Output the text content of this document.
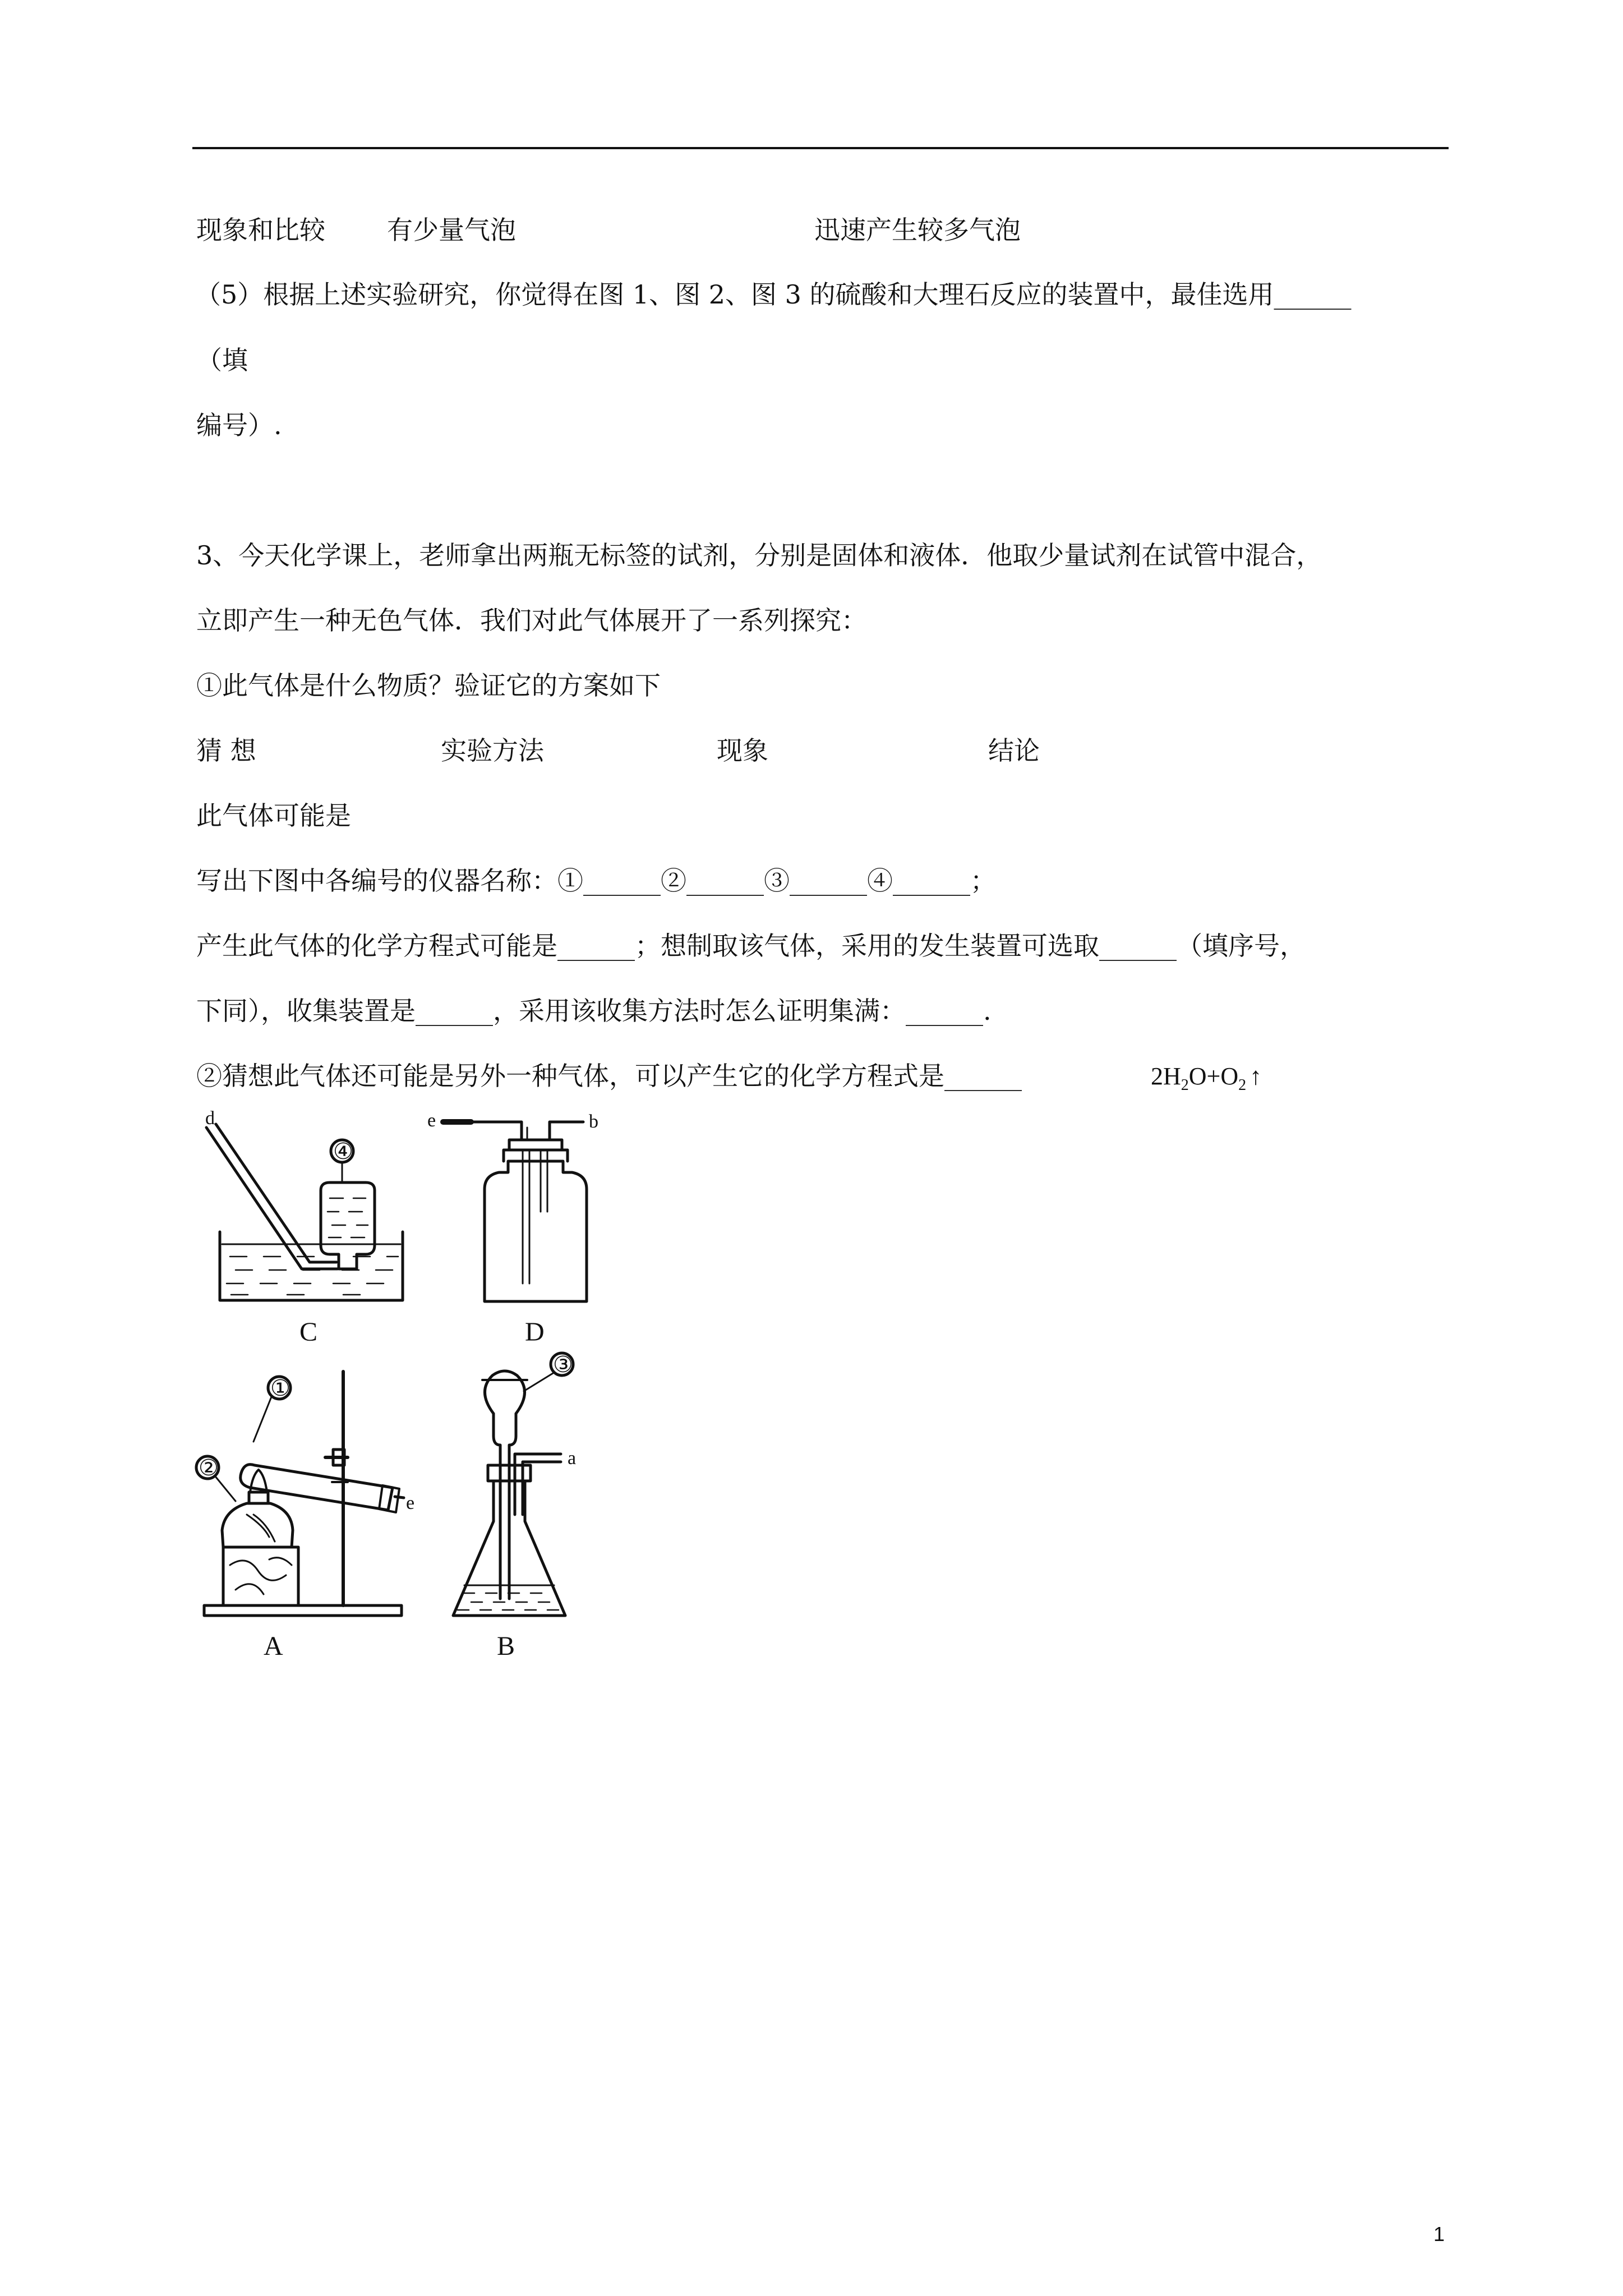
现象和比较 有少量气泡	迅速产生较多气泡
（5）根据上述实验研究，你觉得在图 1、图 2、图 3 的硫酸和大理石反应的装置中，最佳选用______
（填
编号）.
3、今天化学课上，老师拿出两瓶无标签的试剂，分别是固体和液体．他取少量试剂在试管中混合，
立即产生一种无色气体．我们对此气体展开了一系列探究：
①此气体是什么物质？验证它的方案如下
猜 想	实验方法	现象	结论
此气体可能是
写出下图中各编号的仪器名称：①______②______③______④______；
产生此气体的化学方程式可能是______；想制取该气体，采用的发生装置可选取______（填序号，
下同），收集装置是______，采用该收集方法时怎么证明集满：______.
②猜想此气体还可能是另外一种气体，可以产生它的化学方程式是______	$2H_2O+O_2$ ↑
④
①
②
③
d	e	b
e
a
C	D
A	B
1
